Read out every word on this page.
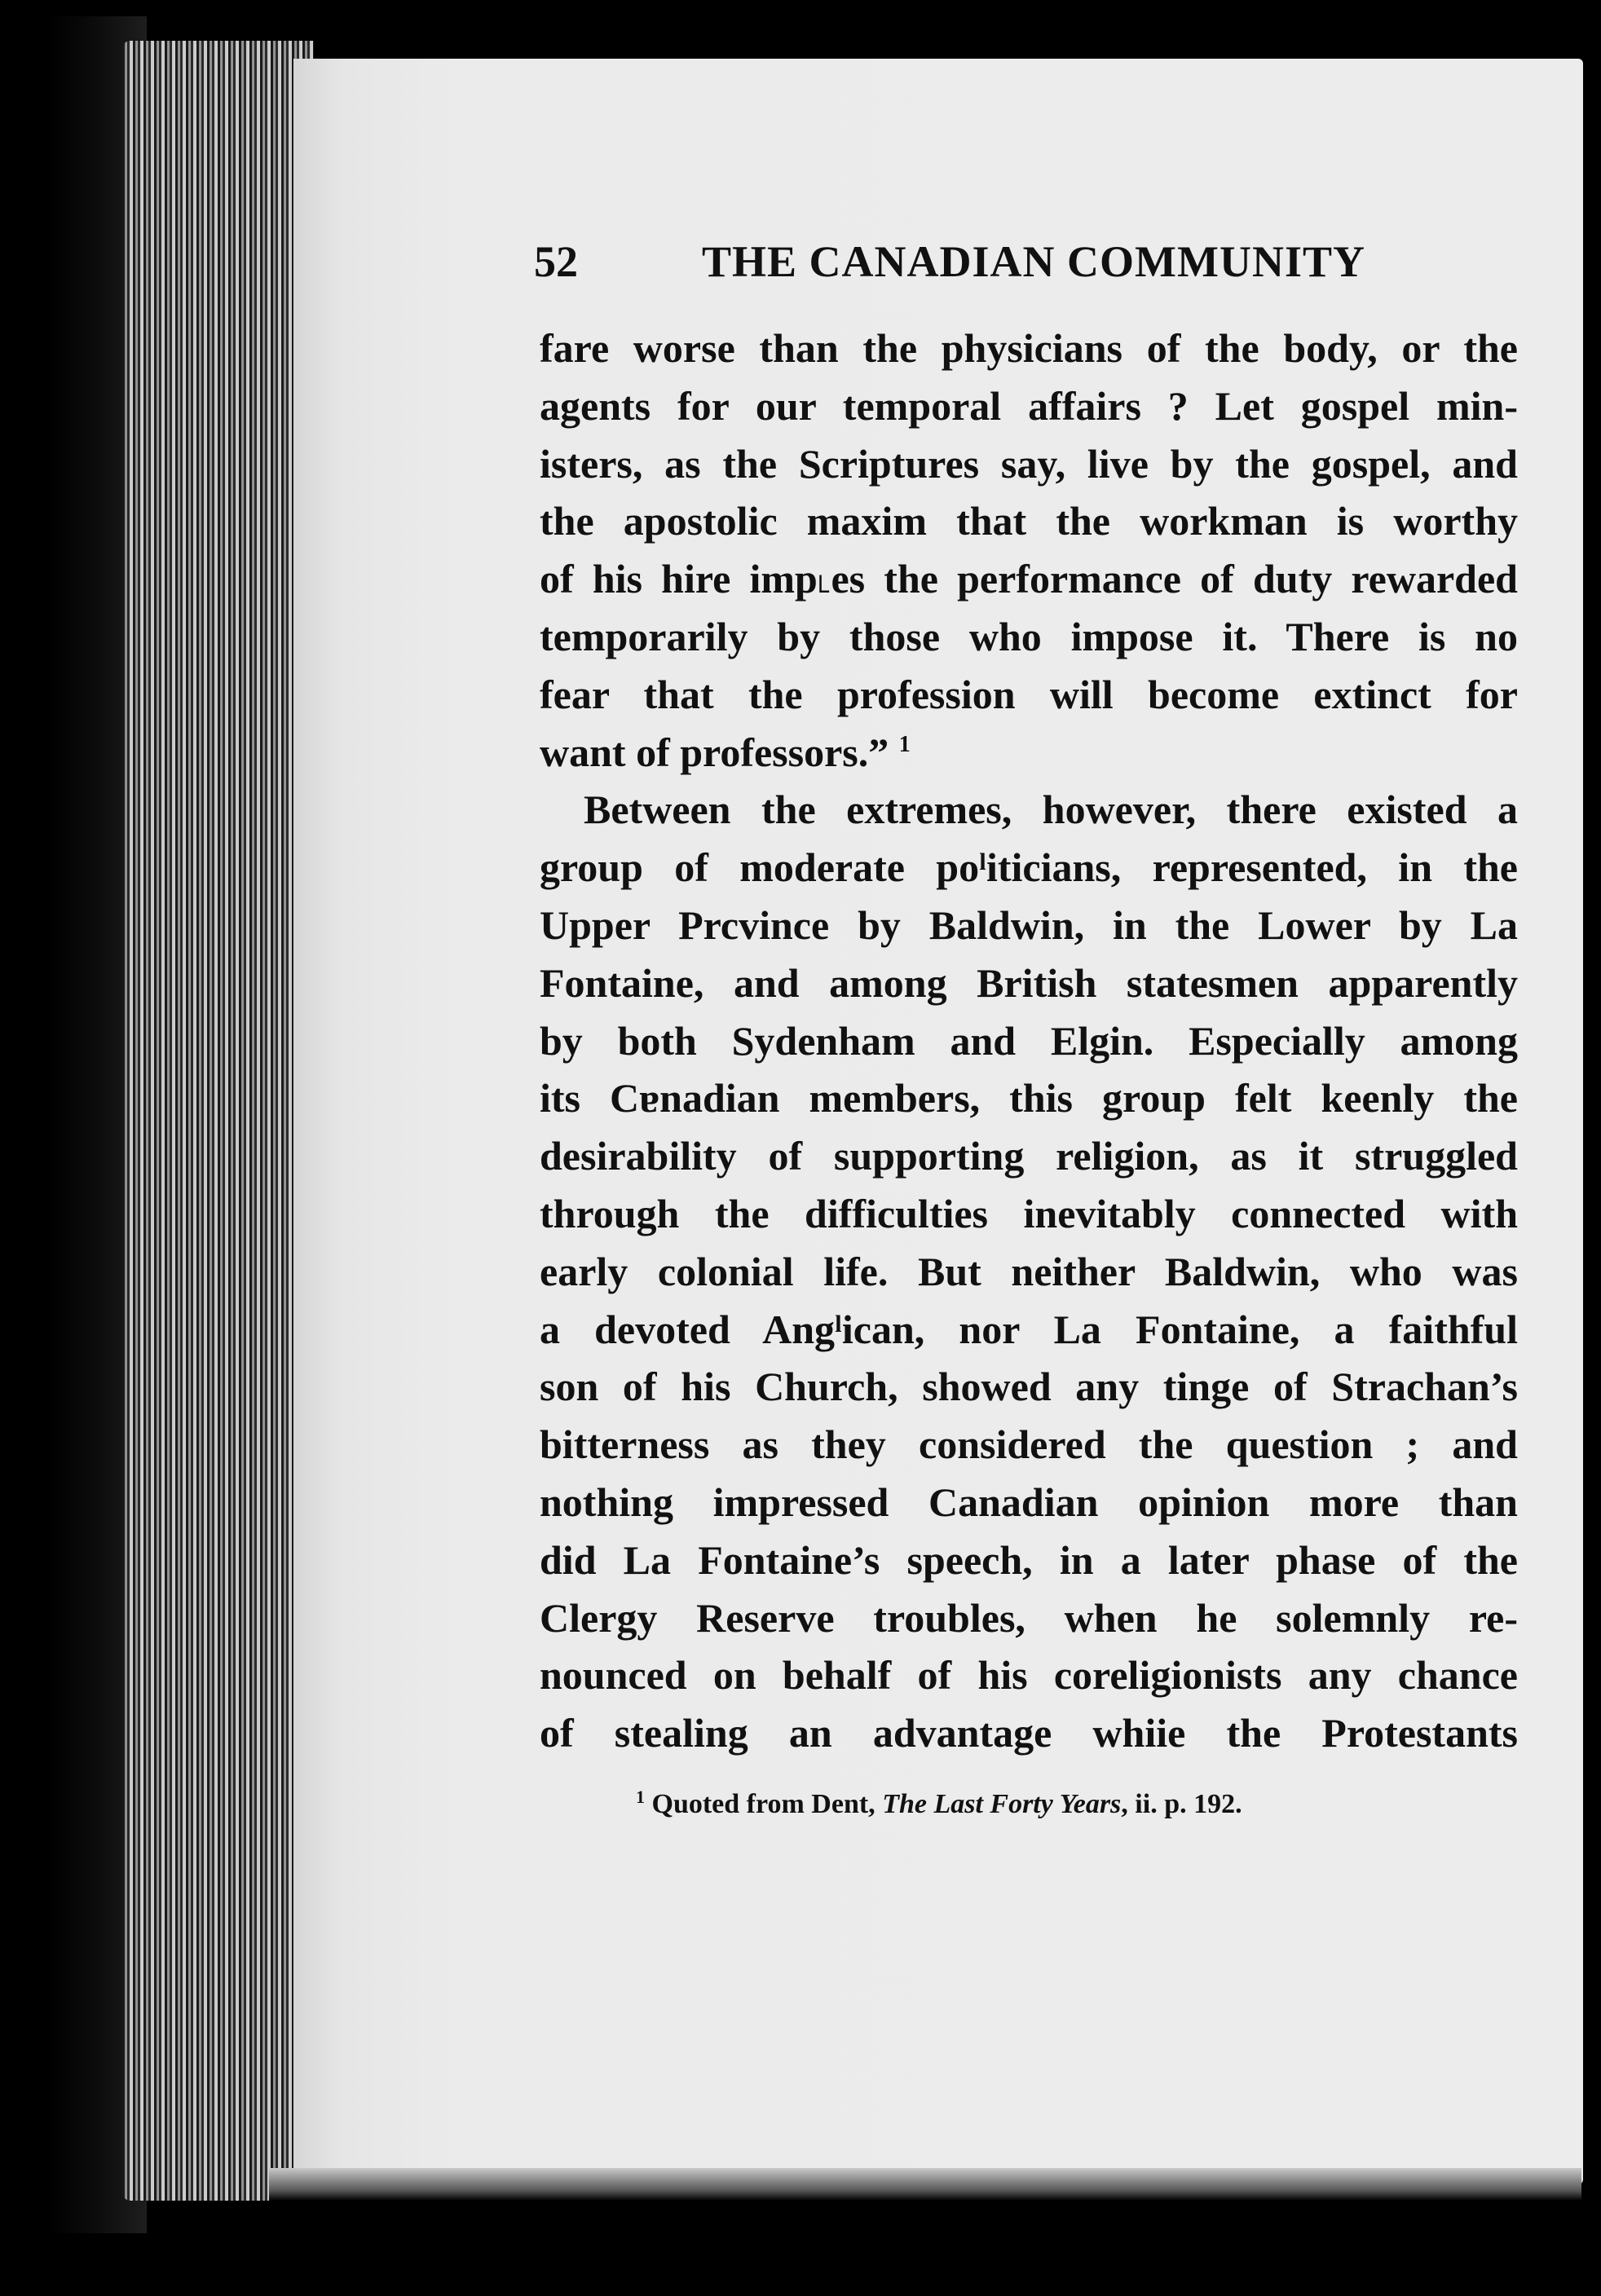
52	THE CANADIAN COMMUNITY
fare worse than the physicians of the body, or the
agents for our temporal affairs ? Let gospel min-
isters, as the Scriptures say, live by the gospel, and
the apostolic maxim that the workman is worthy
of his hire imp˪es the performance of duty rewarded
temporarily by those who impose it. There is no
fear that the profession will become extinct for
want of professors.” $^1$
Between the extremes, however, there existed a
group of moderate poˡiticians, represented, in the
Upper Prcvince by Baldwin, in the Lower by La
Fontaine, and among British statesmen apparently
by both Sydenham and Elgin. Especially among
its Cɐnadian members, this group felt keenly the
desirability of supporting religion, as it struggled
through the difficulties inevitably connected with
early colonial life. But neither Baldwin, who was
a devoted Angˡican, nor La Fontaine, a faithful
son of his Church, showed any tinge of Strachan’s
bitterness as they considered the question ; and
nothing impressed Canadian opinion more than
did La Fontaine’s speech, in a later phase of the
Clergy Reserve troubles, when he solemnly re-
nounced on behalf of his coreligionists any chance
of stealing an advantage whiie the Protestants
$^1$ Quoted from Dent, The Last Forty Years, ii. p. 192.
